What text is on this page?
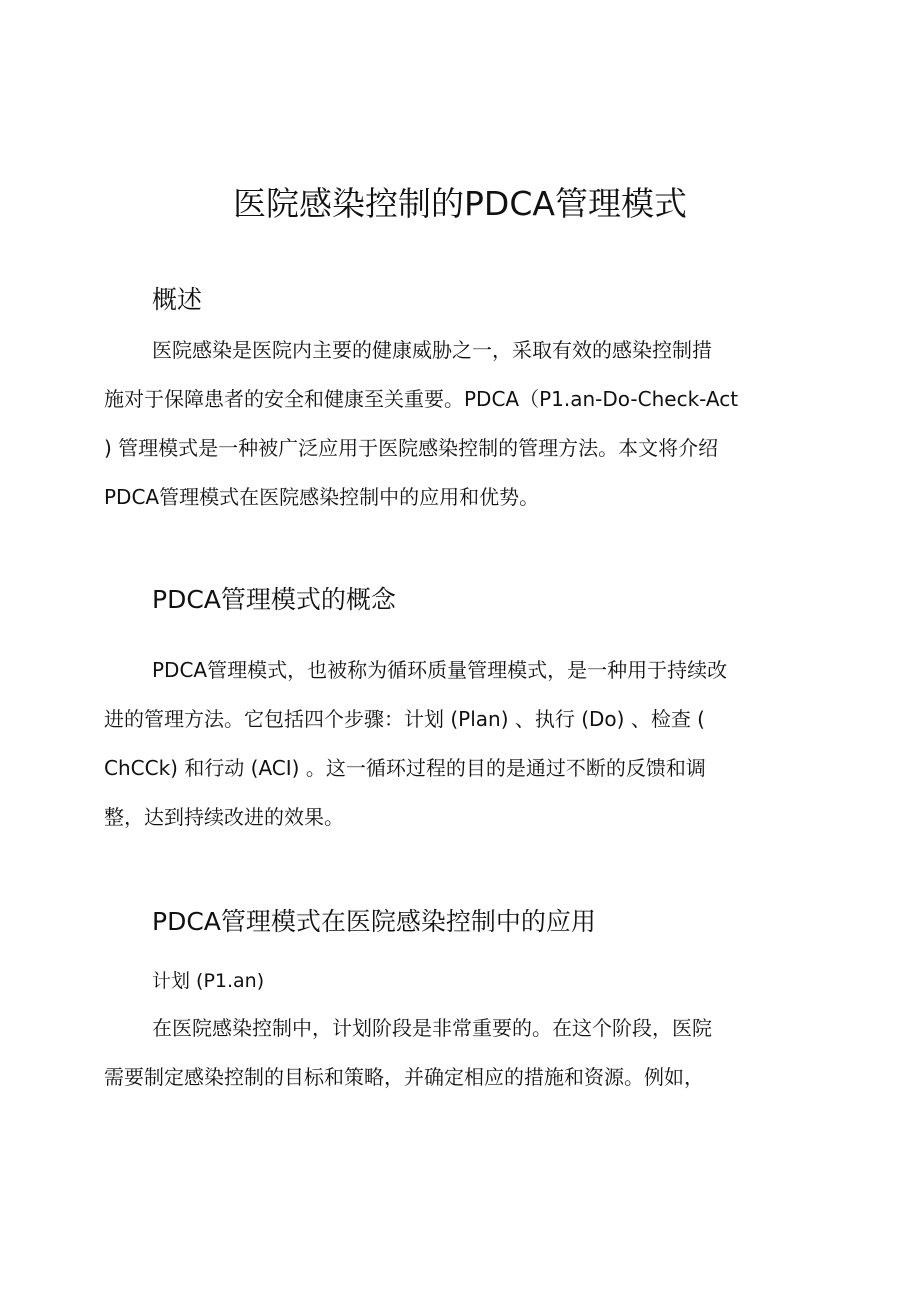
医院感染控制的PDCA管理模式
概述
医院感染是医院内主要的健康威胁之一，采取有效的感染控制措
施对于保障患者的安全和健康至关重要。PDCA（P1.an-Do-Check-Act
) 管理模式是一种被广泛应用于医院感染控制的管理方法。本文将介绍
PDCA管理模式在医院感染控制中的应用和优势。
PDCA管理模式的概念
PDCA管理模式，也被称为循环质量管理模式，是一种用于持续改
进的管理方法。它包括四个步骤：计划 (Plan) 、执行 (Do) 、检查 (
ChCCk) 和行动 (ACI) 。这一循环过程的目的是通过不断的反馈和调
整，达到持续改进的效果。
PDCA管理模式在医院感染控制中的应用
计划 (P1.an)
在医院感染控制中，计划阶段是非常重要的。在这个阶段，医院
需要制定感染控制的目标和策略，并确定相应的措施和资源。例如，
